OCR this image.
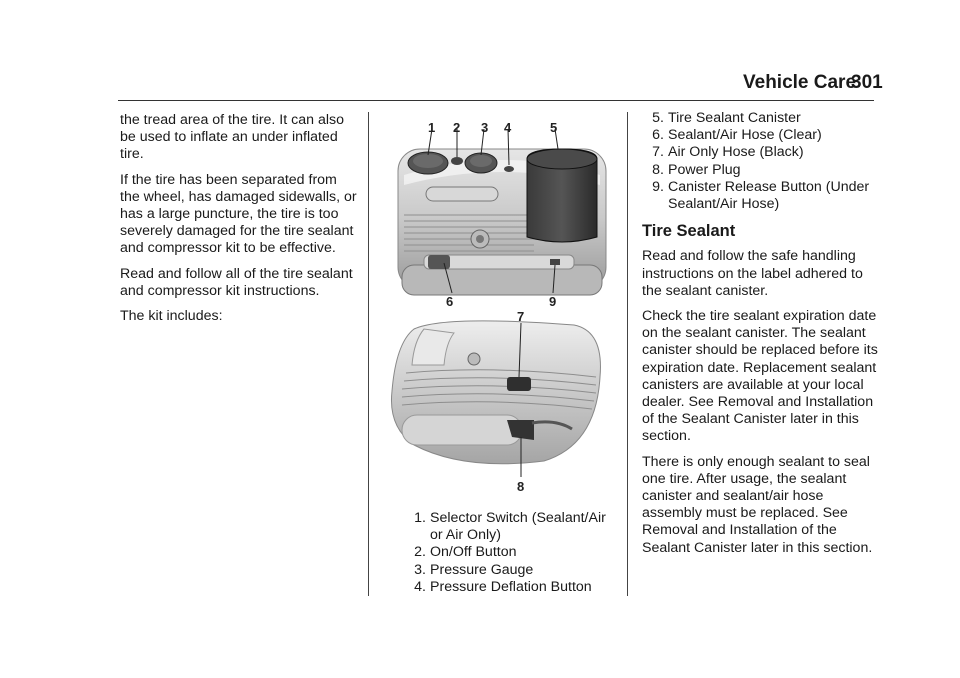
Vehicle Care
301

the tread area of the tire. It can also be used to inflate an under inflated tire.

If the tire has been separated from the wheel, has damaged sidewalls, or has a large puncture, the tire is too severely damaged for the tire sealant and compressor kit to be effective.

Read and follow all of the tire sealant and compressor kit instructions.

The kit includes:

1 2 3 4	5
6	9
7
8
1. Selector Switch (Sealant/Air or Air Only)
2. On/Off Button
3. Pressure Gauge
4. Pressure Deflation Button
5. Tire Sealant Canister
6. Sealant/Air Hose (Clear)
7. Air Only Hose (Black)
8. Power Plug
9. Canister Release Button (Under Sealant/Air Hose)
Tire Sealant

Read and follow the safe handling instructions on the label adhered to the sealant canister.

Check the tire sealant expiration date on the sealant canister. The sealant canister should be replaced before its expiration date. Replacement sealant canisters are available at your local dealer. See Removal and Installation of the Sealant Canister later in this section.

There is only enough sealant to seal one tire. After usage, the sealant canister and sealant/air hose assembly must be replaced. See Removal and Installation of the Sealant Canister later in this section.
